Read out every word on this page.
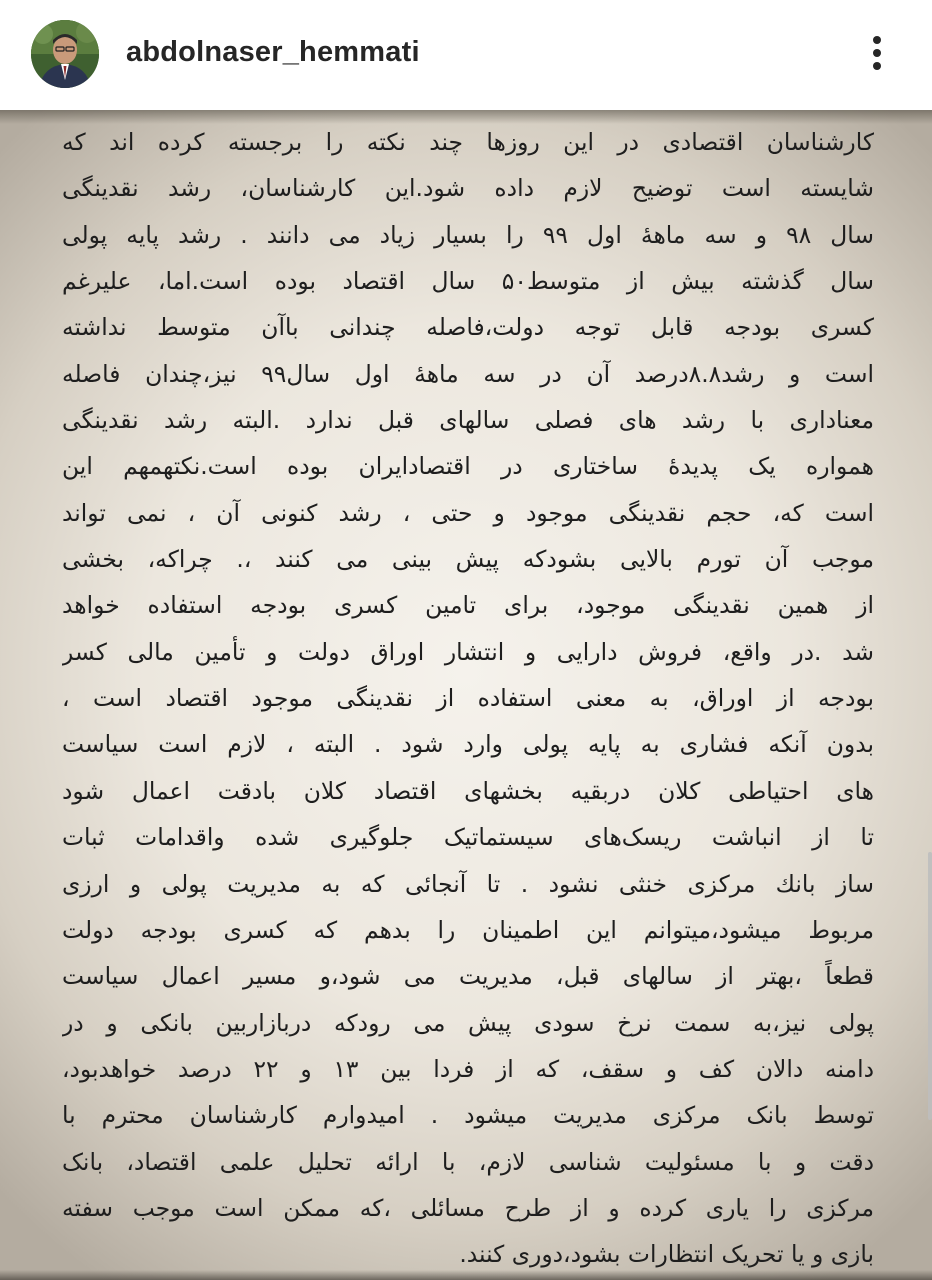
abdolnaser_hemmati
کارشناسان اقتصادی در این روزها چند نکته را برجسته کرده اند که
شایسته است توضیح لازم داده شود.این کارشناسان، رشد نقدینگی
سال ۹۸ و سه ماههٔ اول ۹۹ را بسیار زیاد می دانند . رشد پایه پولی
سال گذشته بیش از متوسط۵۰ سال اقتصاد بوده است.اما، علیرغم
کسری بودجه قابل توجه دولت،فاصله چندانی باآن متوسط نداشته
است و رشد۸.۸درصد آن در سه ماههٔ اول سال۹۹ نیز،چندان فاصله
معناداری با رشد های فصلی سالهای قبل ندارد .البته رشد نقدینگی
همواره یک پدیدهٔ ساختاری در اقتصادایران بوده است.نکتهمهم این
است که، حجم نقدینگی موجود و حتی ، رشد کنونی آن ، نمی تواند
موجب آن تورم بالایی بشودکه پیش بینی می کنند ،. چراکه، بخشی
از همین نقدینگی موجود، برای تامین کسری بودجه استفاده خواهد
شد .در واقع، فروش دارایی و انتشار اوراق دولت و تأمین مالی کسر
بودجه از اوراق، به معنی استفاده از نقدینگی موجود اقتصاد است ،
بدون آنکه فشاری به پایه پولی وارد شود . البته ، لازم است سیاست
های احتیاطی کلان دربقیه بخشهای اقتصاد کلان بادقت اعمال شود
تا از انباشت ریسک‌های سیستماتیک جلوگیری شده واقدامات ثبات
ساز بانك مرکزی خنثی نشود . تا آنجائی که به مدیریت پولی و ارزی
مربوط میشود،میتوانم این اطمینان را بدهم که کسری بودجه دولت
قطعاً ،بهتر از سالهای قبل، مدیریت می شود،و مسیر اعمال سیاست
پولی نیز،به سمت نرخ سودی پیش می رودکه دربازاربین بانکی و در
دامنه دالان کف و سقف، که از فردا بین ۱۳ و ۲۲ درصد خواهدبود،
توسط بانک مرکزی مدیریت میشود . امیدوارم کارشناسان محترم با
دقت و با مسئولیت شناسی لازم، با ارائه تحلیل علمی اقتصاد، بانک
مرکزی را یاری کرده و از طرح مسائلی ،که ممکن است موجب سفته
بازی و یا تحریک انتظارات بشود،دوری کنند.
